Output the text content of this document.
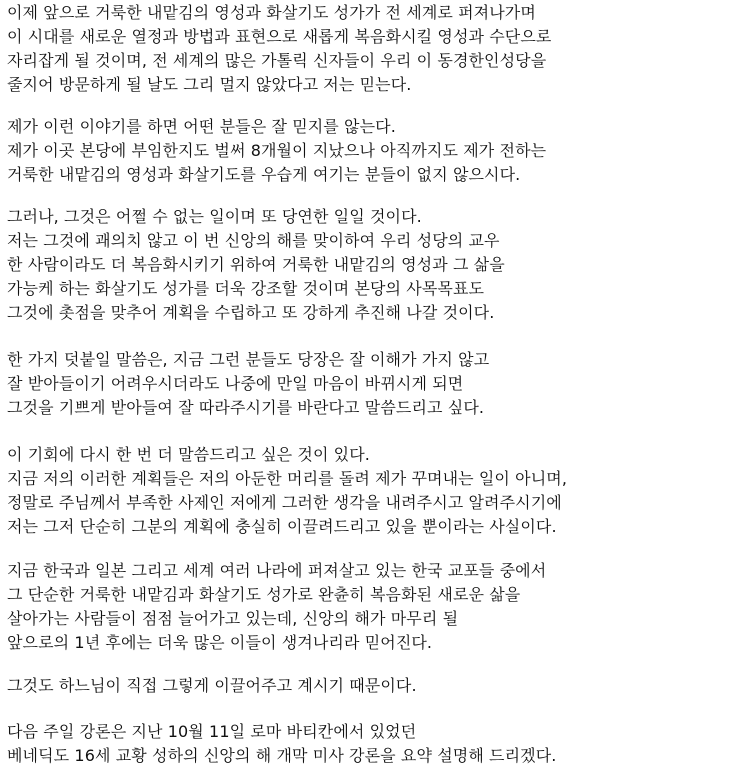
이제 앞으로 거룩한 내맡김의 영성과 화살기도 성가가 전 세계로 퍼져나가며
이 시대를 새로운 열정과 방법과 표현으로 새롭게 복음화시킬 영성과 수단으로
자리잡게 될 것이며, 전 세계의 많은 가톨릭 신자들이 우리 이 동경한인성당을
줄지어 방문하게 될 날도 그리 멀지 않았다고 저는 믿는다.
제가 이런 이야기를 하면 어떤 분들은 잘 믿지를 않는다.
제가 이곳 본당에 부임한지도 벌써 8개월이 지났으나 아직까지도 제가 전하는
거룩한 내맡김의 영성과 화살기도를 우습게 여기는 분들이 없지 않으시다.
그러나, 그것은 어쩔 수 없는 일이며 또 당연한 일일 것이다.
저는 그것에 괘의치 않고 이 번 신앙의 해를 맞이하여 우리 성당의 교우
한 사람이라도 더 복음화시키기 위하여 거룩한 내맡김의 영성과 그 삶을
가능케 하는 화살기도 성가를 더욱 강조할 것이며 본당의 사목목표도
그것에 촛점을 맞추어 계획을 수립하고 또 강하게 추진해 나갈 것이다.
한 가지 덧붙일 말씀은, 지금 그런 분들도 당장은 잘 이해가 가지 않고
잘 받아들이기 어려우시더라도 나중에 만일 마음이 바뀌시게 되면
그것을 기쁘게 받아들여 잘 따라주시기를 바란다고 말씀드리고 싶다.
이 기회에 다시 한 번 더 말씀드리고 싶은 것이 있다.
지금 저의 이러한 계획들은 저의 아둔한 머리를 돌려 제가 꾸며내는 일이 아니며,
정말로 주님께서 부족한 사제인 저에게 그러한 생각을 내려주시고 알려주시기에
저는 그저 단순히 그분의 계획에 충실히 이끌려드리고 있을 뿐이라는 사실이다.
지금 한국과 일본 그리고 세계 여러 나라에 퍼져살고 있는 한국 교포들 중에서
그 단순한 거룩한 내맡김과 화살기도 성가로 완츈히 복음화된 새로운 삶을
살아가는 사람들이 점점 늘어가고 있는데, 신앙의 해가 마무리 될
앞으로의 1년 후에는 더욱 많은 이들이 생겨나리라 믿어진다.
그것도 하느님이 직접 그렇게 이끌어주고 계시기 때문이다.
다음 주일 강론은 지난 10월 11일 로마 바티칸에서 있었던
베네딕도 16세 교황 성하의 신앙의 해 개막 미사 강론을 요약 설명해 드리겠다.
